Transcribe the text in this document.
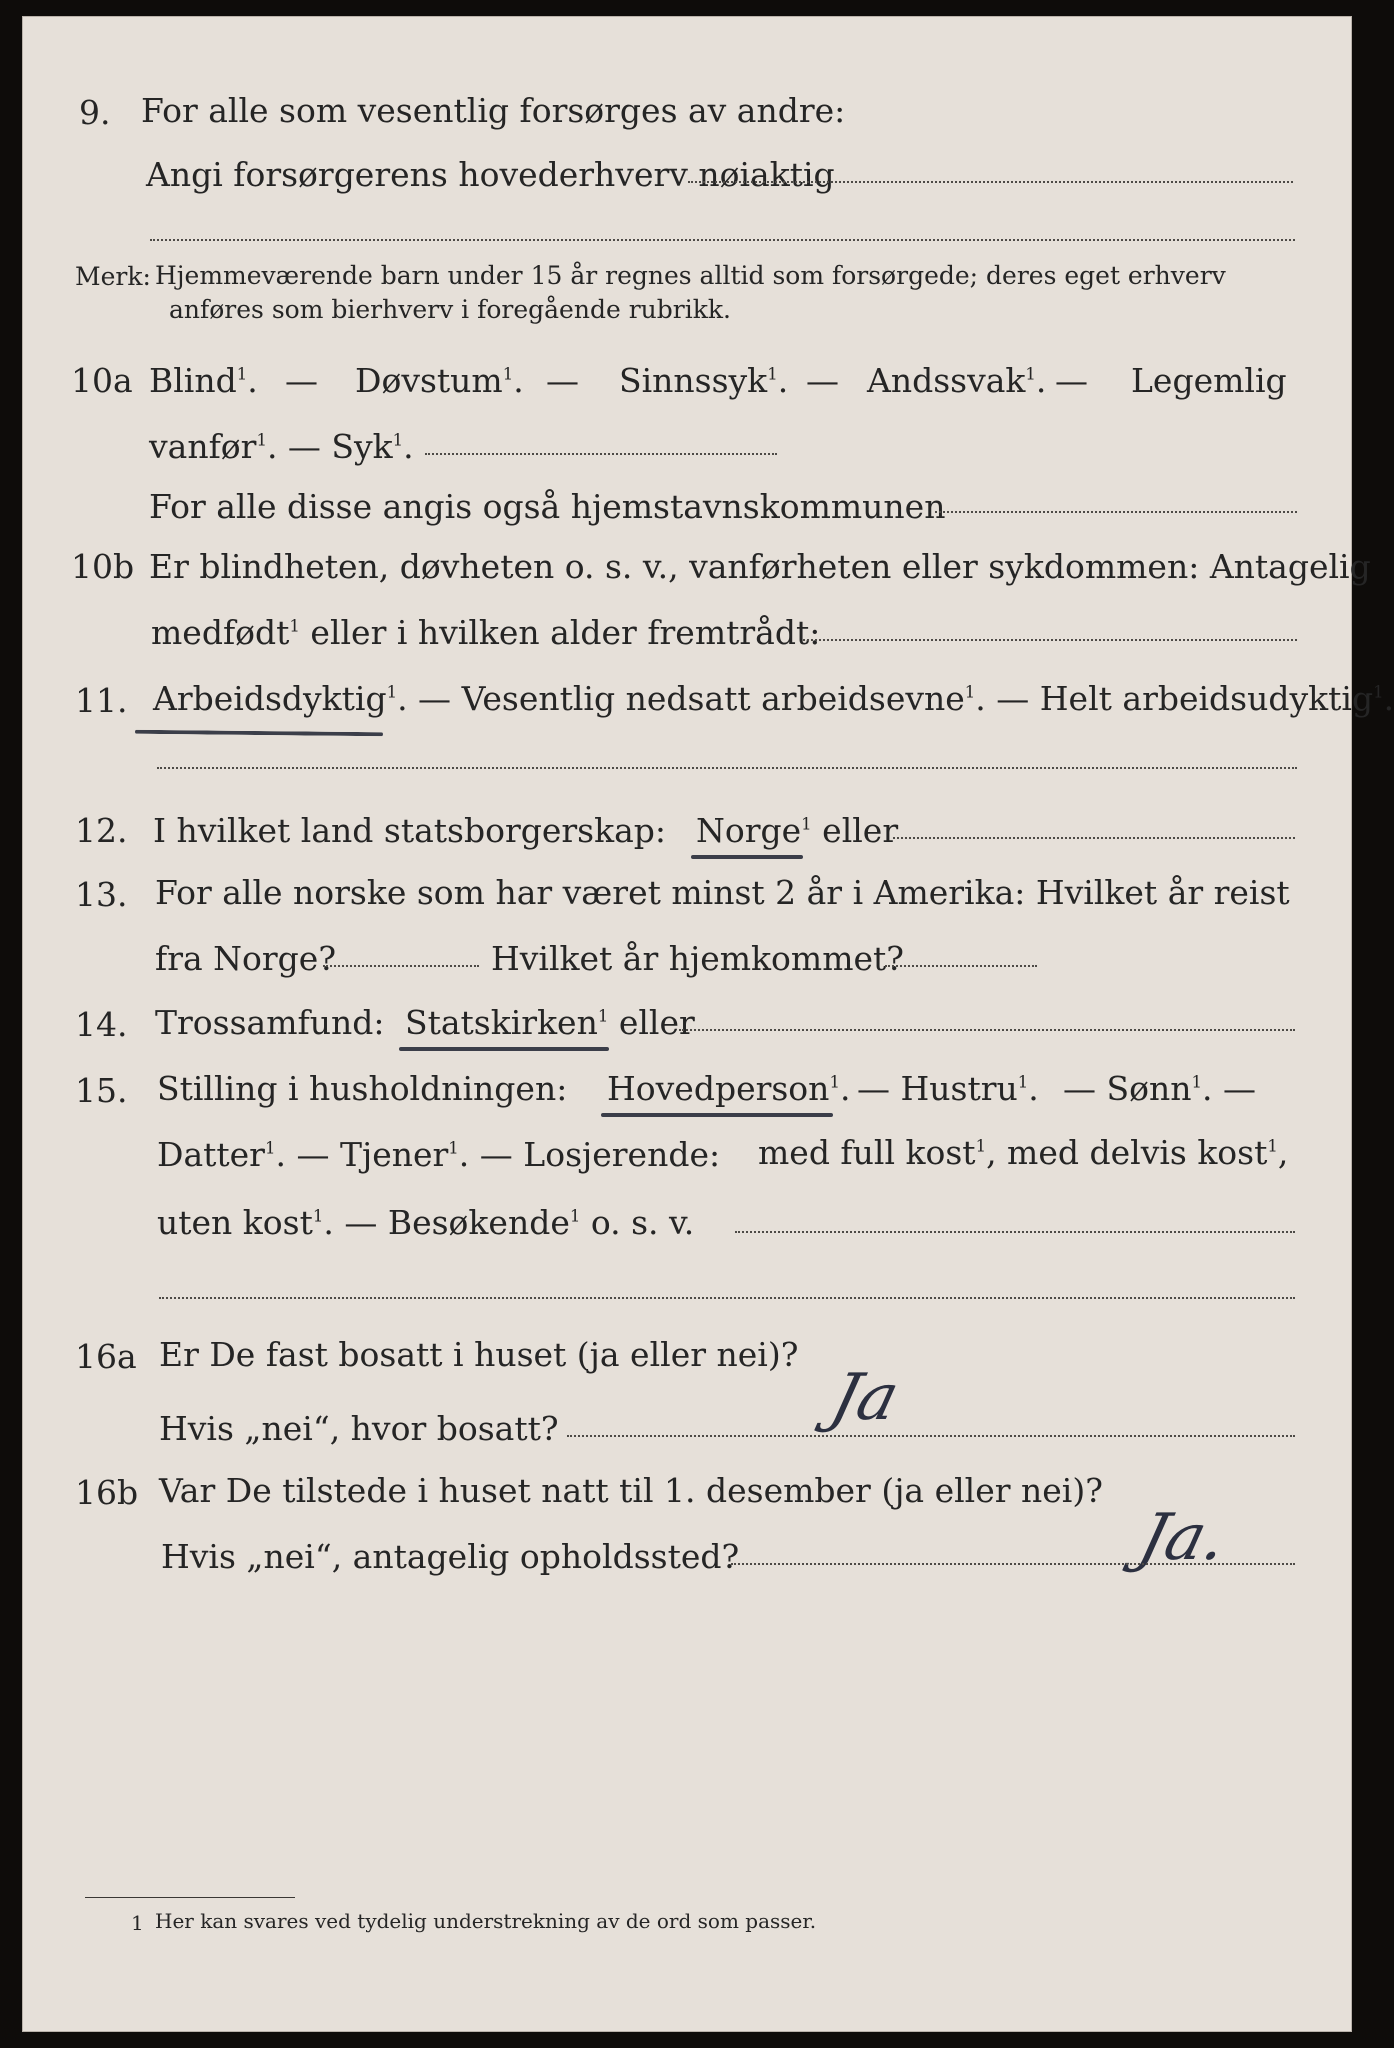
9. For alle som vesentlig forsørges av andre:

Angi forsørgerens hovederhverv nøiaktig

Merk: Hjemmeværende barn under 15 år regnes alltid som forsørgede; deres eget erhverv

anføres som bierhverv i foregående rubrikk.

10a Blind$^1$. — Døvstum$^1$. — Sinnssyk$^1$. — Andssvak$^1$. — Legemlig

vanfør$^1$. — Syk$^1$.

For alle disse angis også hjemstavnskommunen

10b Er blindheten, døvheten o. s. v., vanførheten eller sykdommen: Antagelig

medfødt$^1$ eller i hvilken alder fremtrådt:

11. Arbeidsdyktig$^1$. — Vesentlig nedsatt arbeidsevne$^1$. — Helt arbeidsudyktig$^1$.

12. I hvilket land statsborgerskap: Norge$^1$ eller

13. For alle norske som har været minst 2 år i Amerika: Hvilket år reist

fra Norge?	Hvilket år hjemkommet?

14. Trossamfund: Statskirken$^1$ eller

15. Stilling i husholdningen: Hovedperson$^1$. — Hustru$^1$. — Sønn$^1$. —

Datter$^1$. — Tjener$^1$. — Losjerende: med full kost$^1$, med delvis kost$^1$,

uten kost$^1$. — Besøkende$^1$ o. s. v.

16a Er De fast bosatt i huset (ja eller nei)?

Ja

Hvis „nei“, hvor bosatt?

16b Var De tilstede i huset natt til 1. desember (ja eller nei)?

Ja.

Hvis „nei“, antagelig opholdssted?

1 Her kan svares ved tydelig understrekning av de ord som passer.
